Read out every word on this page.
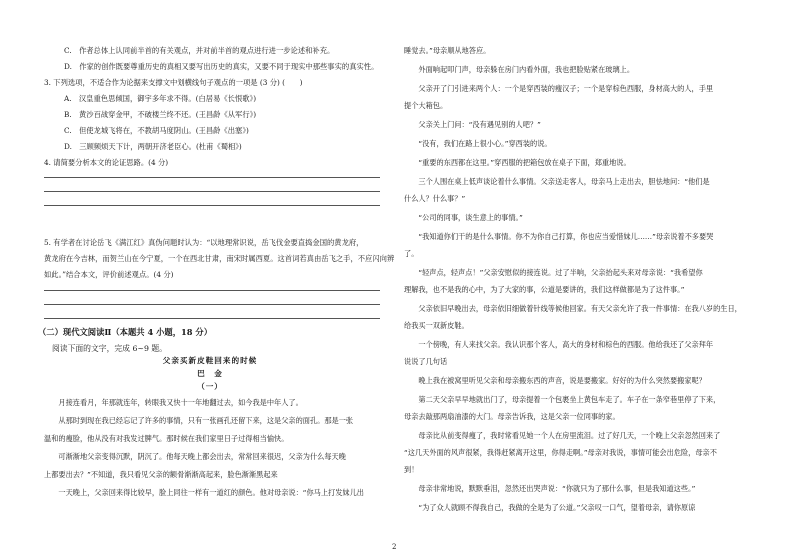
C.　作者总体上认同前半首的有关观点，并对前半首的观点进行进一步论述和补充。
D.　作家的创作既要尊重历史的真相又要写出历史的真实，又要不同于现实中那些事实的真实性。
3. 下列选项，不适合作为论据来支撑文中划横线句子观点的一项是 (3 分) (　　)
A.　汉皇重色思倾国，御宇多年求不得。(白居易《长恨歌》)
B.　黄沙百战穿金甲，不破楼兰终不还。(王昌龄《从军行》)
C.　但使龙城飞将在，不教胡马度阴山。(王昌龄《出塞》)
D.　三顾频烦天下计，两朝开济老臣心。(杜甫《蜀相》)
4. 请简要分析本文的论证思路。(4 分)
5. 有学者在讨论岳飞《满江红》真伪问题时认为：“以地理常识说，岳飞伐金要直捣金国的黄龙府，
黄龙府在今吉林，而贺兰山在今宁夏，一个在西北甘肃，南宋时属西夏。这首词若真由岳飞之手，不应闪向辨
如此。”结合本文，评价前述观点。(4 分)
（二）现代文阅读Ⅱ（本题共 4 小题，18 分）
阅读下面的文字，完成 6~9 题。
父亲买新皮鞋回来的时候
巴　金
（一）
　　月接连看月，年那就连年，转眼我又快十一年地翻过去，如今我是中年人了。
　　从那时到现在我已经忘记了许多的事情，只有一张画孔还留下来，这是父亲的面孔。那是一张
温和的瘦脸，他从没有对我发过脾气。那时候在我们家里日子过得相当愉快。
　　可渐渐地父亲变得沉默，阴沉了。他每天晚上都会出去，常常回来很迟，父亲为什么每天晚
上都要出去？”不知道，我只看见父亲的额骨渐渐高起来，脸色渐渐黑起来
　　一天晚上，父亲回来得比较早，脸上同往一样有一道红的颜色。他对母亲说：“你马上打发妹儿出
睡觉去。”母亲顺从地答应。
　　外面响起叩门声，母亲躲在房门内看外面，我也把脸贴紧在玻璃上。
　　父亲开了门引进来两个人：一个是穿西装的瘦汉子；一个是穿棕色西服，身材高大的人，手里
提个大箱包。
　　父亲关上门问：“没有遇见别的人吧？”
　　“没有，我们在路上很小心。”穿西装的说。
　　“重要的东西都在这里。”穿西服的把箱包放在桌子下面，郑重地说。
　　三个人围在桌上低声谈论着什么事情。父亲送走客人，母亲马上走出去，胆怯地问：“他们是
什么人？什么事？”
　　“公司的同事，谈生意上的事情。”
　　“我知道你们干的是什么事情。你不为你自己打算，你也应当爱惜妹儿……”母亲说着不多要哭
了。
　　“轻声点，轻声点！”父亲安慰似的接连说。过了半响，父亲抬起头来对母亲说：“我希望你
理解我，也不是我的心中，为了大家的事，公道是要讲的，我们这样做都是为了这件事。”
　　父亲依旧早晚出去，母亲依旧细做着针线等候他回家。有天父亲允许了我一件事情：在我八岁的生日，
给我买一双新皮鞋。
　　一个傍晚，有人来找父亲。我认识那个客人，高大的身材和棕色的西服。他给我还了父亲拜年
说说了几句话
　　晚上我在被窝里听见父亲和母亲搬东西的声音，说是要搬家。好好的为什么突然要搬家呢？
　　第二天父亲早早地就出门了，母亲提着一个包裹坐上黄包车走了。车子在一条窄巷里停了下来，
母亲去敲那两扇油漆的大门。母亲告诉我，这是父亲一位同事的家。
　　母亲比从前变得瘦了，我时常看见她一个人在房里流泪。过了好几天，一个晚上父亲忽然回来了
“这几天外面的风声很紧，我得赶紧离开这里，你得走啊。”母亲对我说，事情可能会出危险，母亲不
到！
　　母亲非常地说，默默垂泪，忽然还出哭声说：“你就只为了那什么事，但是我知道这些。”
　　“为了众人就顾不得我自己，我做的全是为了公道。”父亲叹一口气，望着母亲，请你原谅
2
